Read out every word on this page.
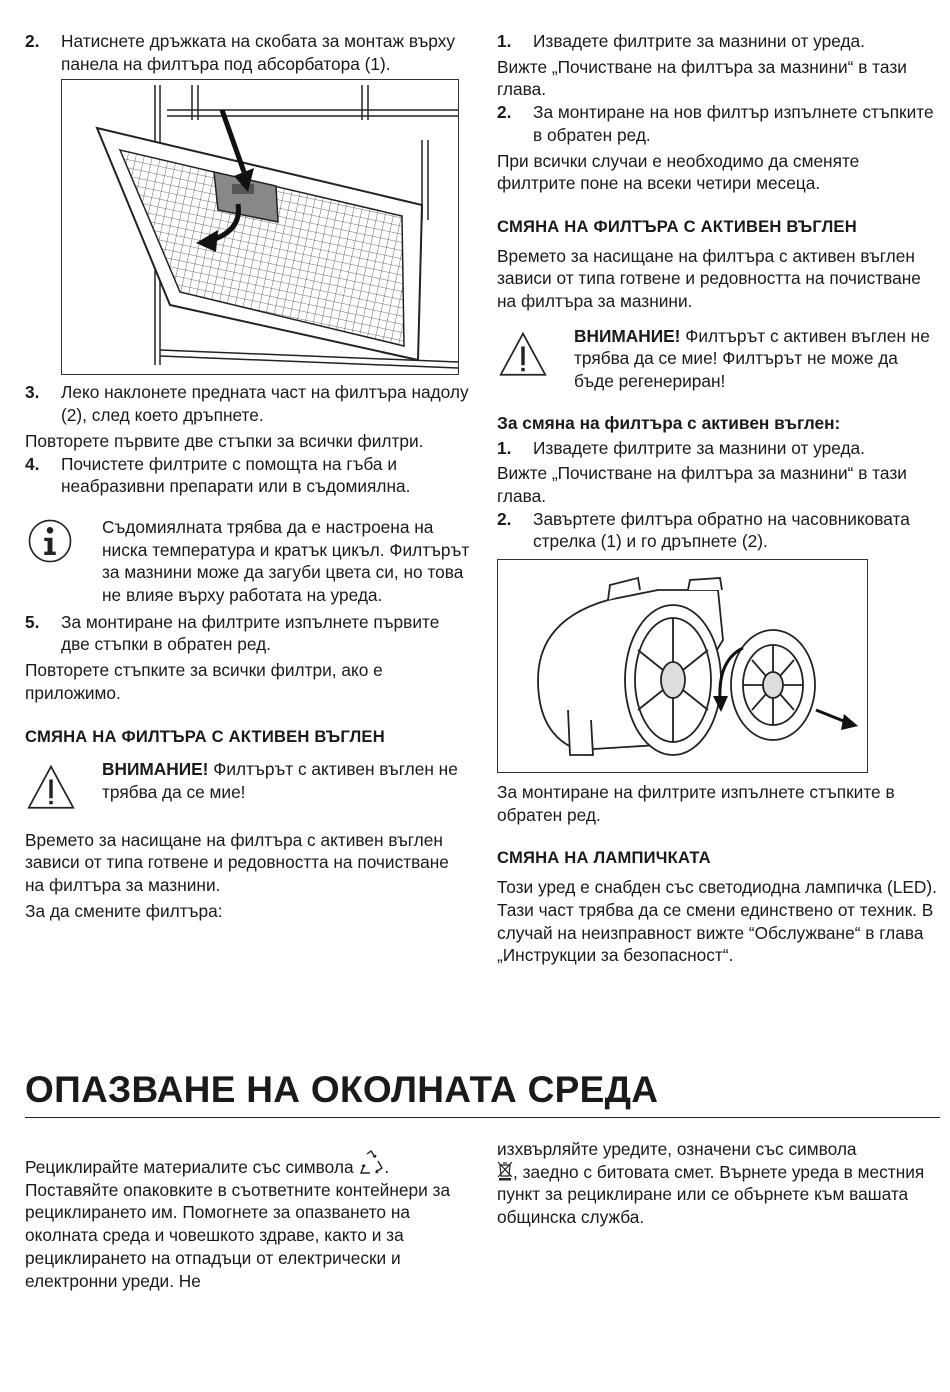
2. Натиснете дръжката на скобата за монтаж върху панела на филтъра под абсорбатора (1).
3. Леко наклонете предната част на филтъра надолу (2), след което дръпнете.

Повторете първите две стъпки за всички филтри.

4. Почистете филтрите с помощта на гъба и неабразивни препарати или в съдомиялна.

Съдомиялната трябва да е настроена на ниска температура и кратък цикъл. Филтърът за мазнини може да загуби цвета си, но това не влияе върху работата на уреда.

5. За монтиране на филтрите изпълнете първите две стъпки в обратен ред.

Повторете стъпките за всички филтри, ако е приложимо.

СМЯНА НА ФИЛТЪРА С АКТИВЕН ВЪГЛЕН

ВНИМАНИЕ! Филтърът с активен въглен не трябва да се мие!

Времето за насищане на филтъра с активен въглен зависи от типа готвене и редовността на почистване на филтъра за мазнини.

За да смените филтъра:

1. Извадете филтрите за мазнини от уреда.

Вижте „Почистване на филтъра за мазнини“ в тази глава.

2. За монтиране на нов филтър изпълнете стъпките в обратен ред.

При всички случаи е необходимо да сменяте филтрите поне на всеки четири месеца.

СМЯНА НА ФИЛТЪРА С АКТИВЕН ВЪГЛЕН

Времето за насищане на филтъра с активен въглен зависи от типа готвене и редовността на почистване на филтъра за мазнини.

ВНИМАНИЕ! Филтърът с активен въглен не трябва да се мие! Филтърът не може да бъде регенериран!

За смяна на филтъра с активен въглен:

1. Извадете филтрите за мазнини от уреда.

Вижте „Почистване на филтъра за мазнини“ в тази глава.

2. Завъртете филтъра обратно на часовниковата стрелка (1) и го дръпнете (2).

За монтиране на филтрите изпълнете стъпките в обратен ред.

СМЯНА НА ЛАМПИЧКАТА

Този уред е снабден със светодиодна лампичка (LED). Тази част трябва да се смени единствено от техник. В случай на неизправност вижте “Обслужване“ в глава „Инструкции за безопасност“.

ОПАЗВАНЕ НА ОКОЛНАТА СРЕДА

Рециклирайте материалите със символа . Поставяйте опаковките в съответните контейнери за рециклирането им. Помогнете за опазването на околната среда и човешкото здраве, както и за рециклирането на отпадъци от електрически и електронни уреди. Не

изхвърляйте уредите, означени със символа
, заедно с битовата смет. Върнете уреда в местния пункт за рециклиране или се обърнете към вашата общинска служба.
